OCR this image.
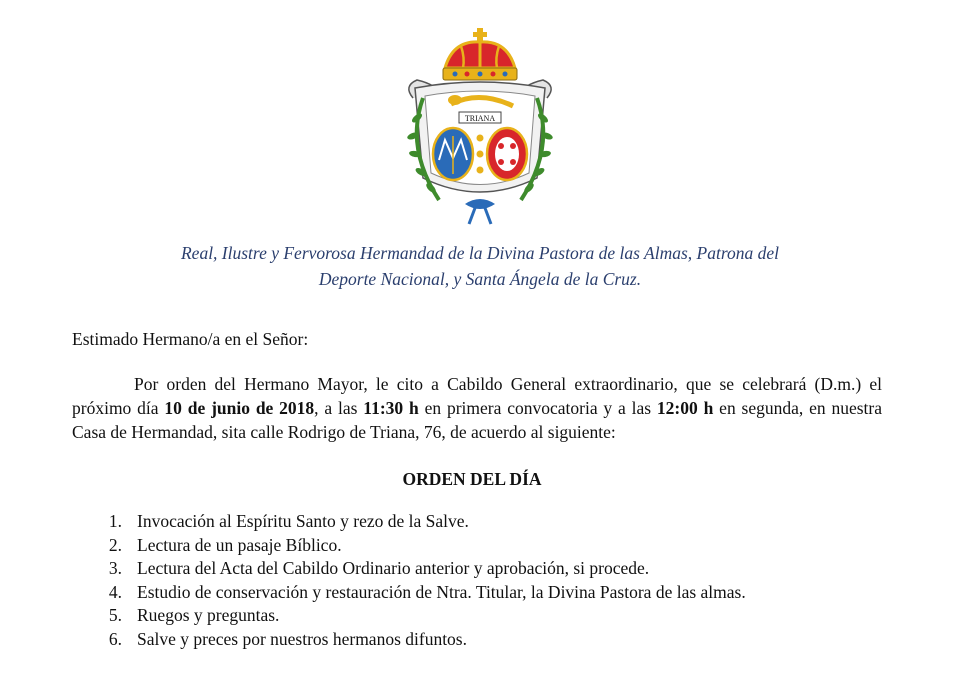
TRIANA
Real, Ilustre y Fervorosa Hermandad de la Divina Pastora de las Almas, Patrona del
Deporte Nacional, y Santa Ángela de la Cruz.
Estimado Hermano/a en el Señor:
Por orden del Hermano Mayor, le cito a Cabildo General extraordinario, que se celebrará (D.m.) el próximo día 10 de junio de 2018, a las 11:30 h en primera convocatoria y a las 12:00 h en segunda, en nuestra Casa de Hermandad, sita calle Rodrigo de Triana, 76, de acuerdo al siguiente:
ORDEN DEL DÍA
1. Invocación al Espíritu Santo y rezo de la Salve.
2. Lectura de un pasaje Bíblico.
3. Lectura del Acta del Cabildo Ordinario anterior y aprobación, si procede.
4. Estudio de conservación y restauración de Ntra. Titular, la Divina Pastora de las almas.
5. Ruegos y preguntas.
6. Salve y preces por nuestros hermanos difuntos.
